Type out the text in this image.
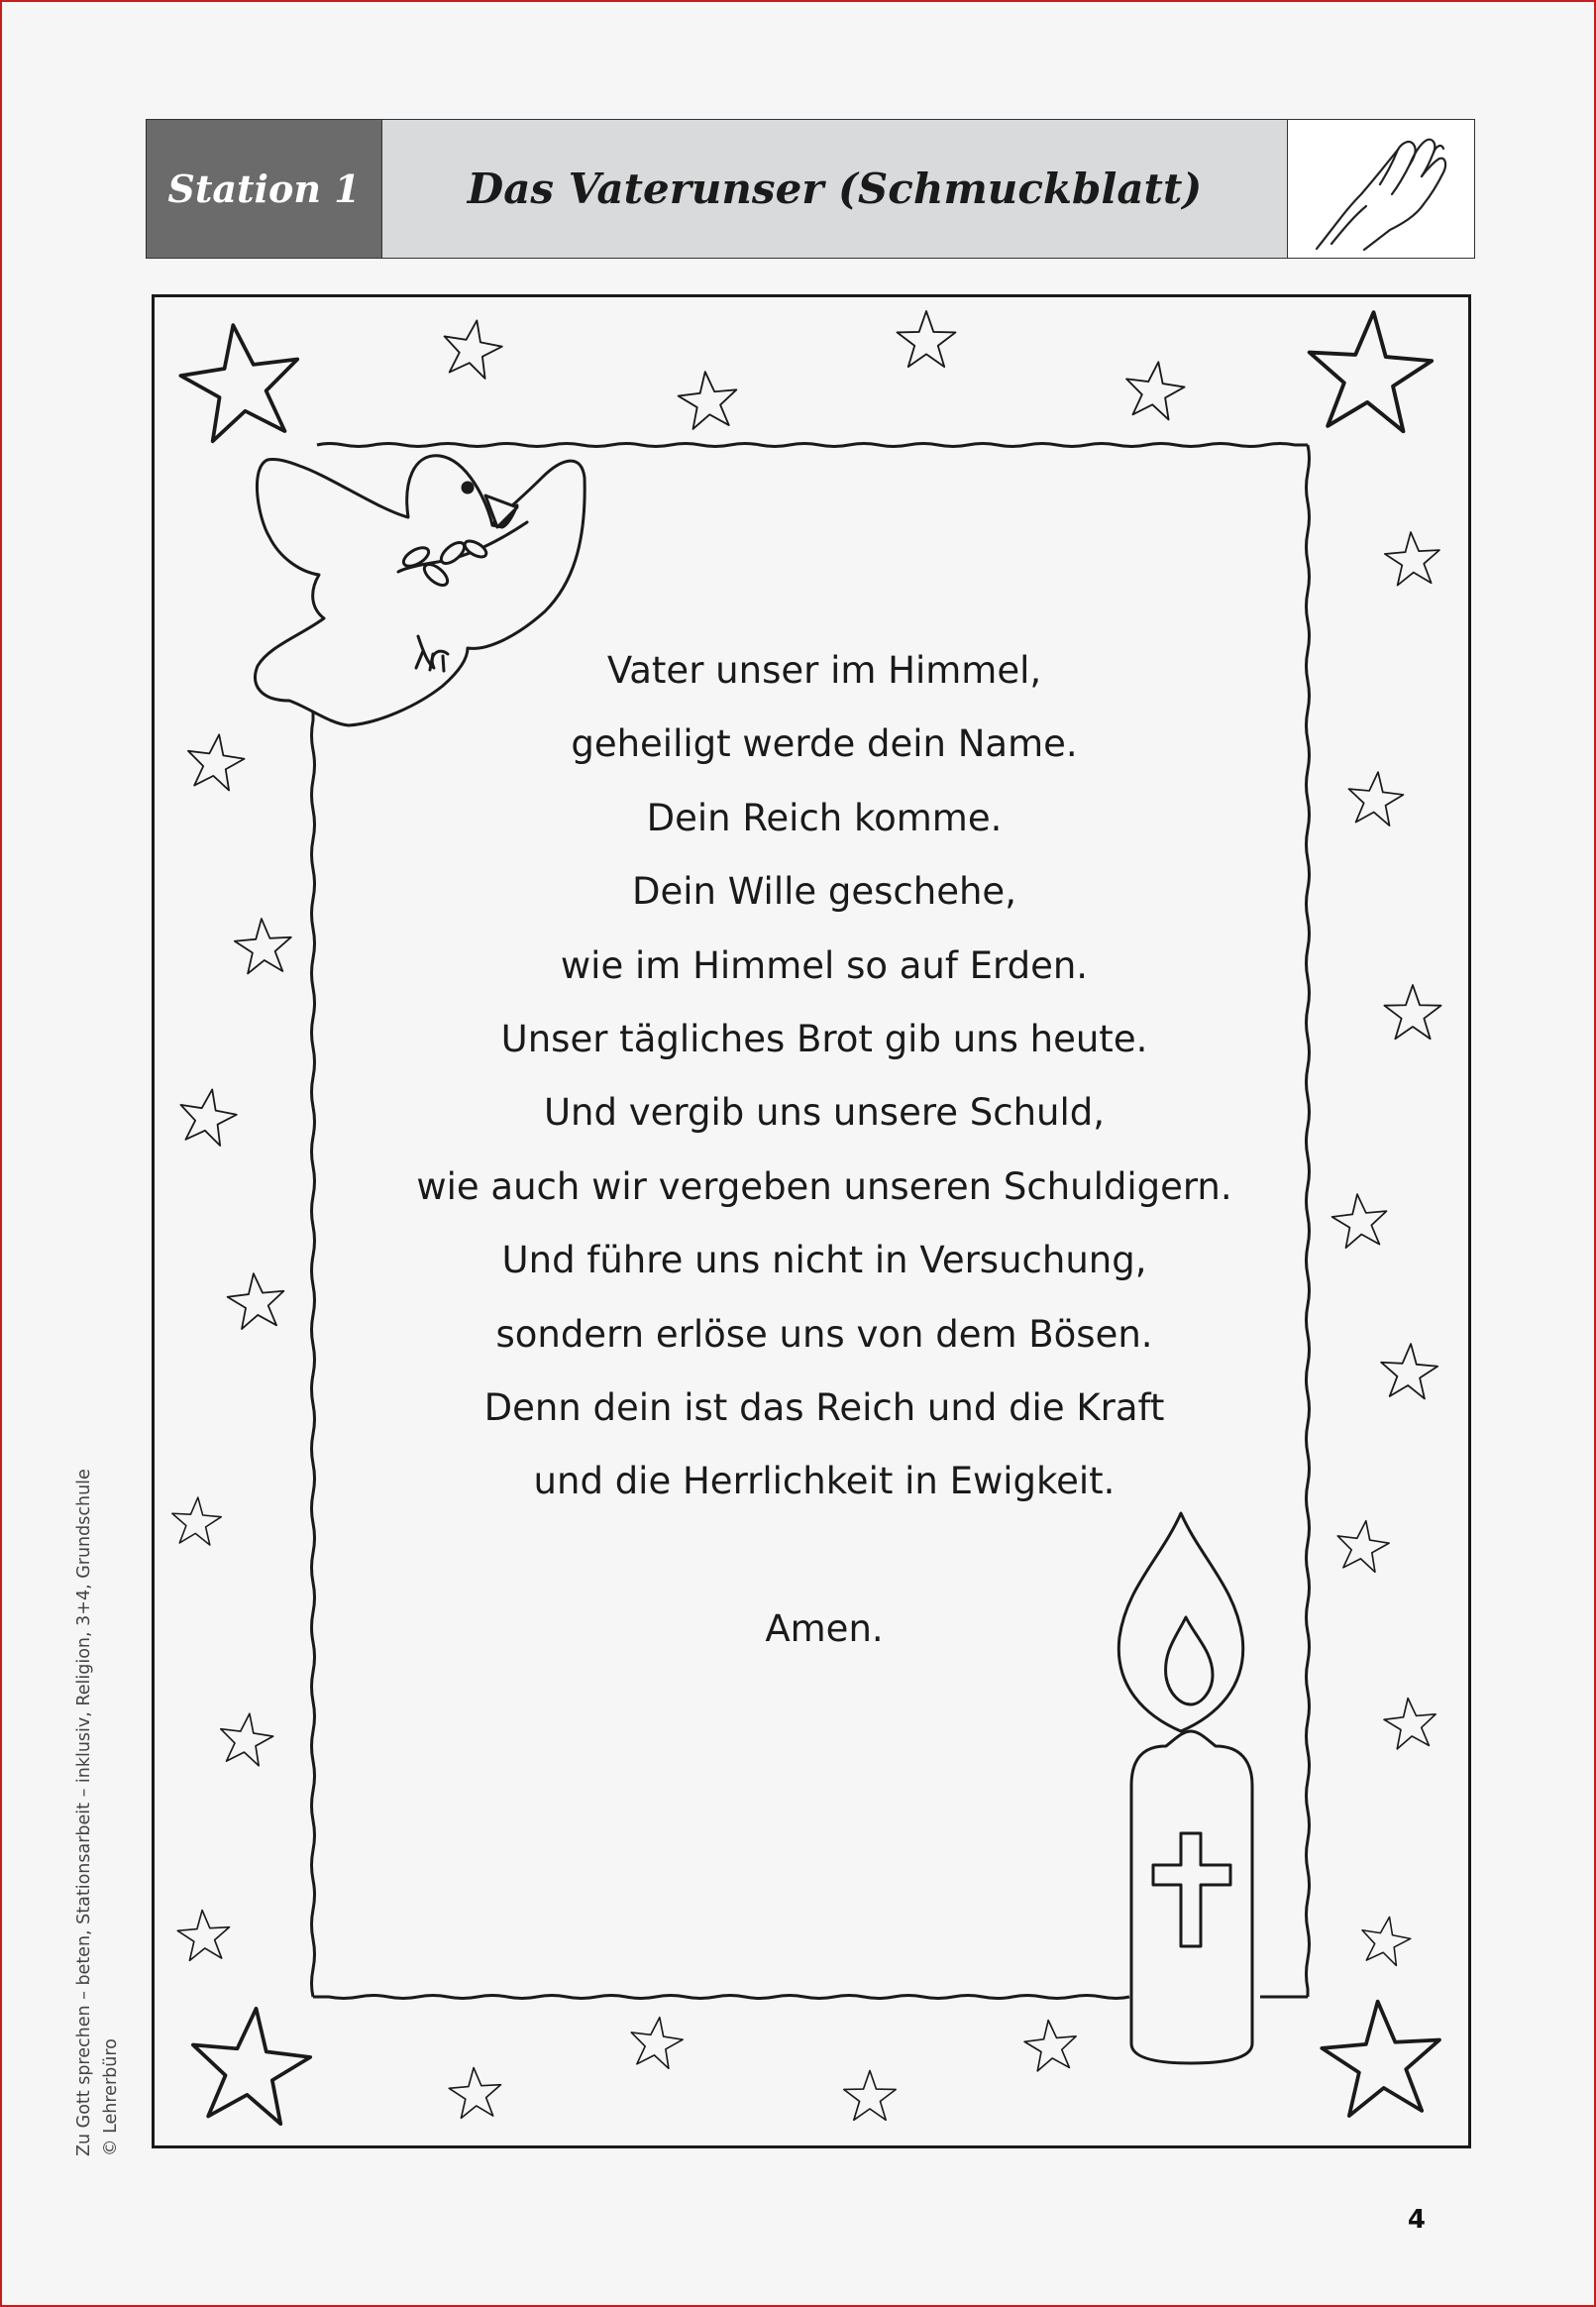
Station 1	Das Vaterunser (Schmuckblatt)
Vater unser im Himmel,
geheiligt werde dein Name.
Dein Reich komme.
Dein Wille geschehe,
wie im Himmel so auf Erden.
Unser tägliches Brot gib uns heute.
Und vergib uns unsere Schuld,
wie auch wir vergeben unseren Schuldigern.
Und führe uns nicht in Versuchung,
sondern erlöse uns von dem Bösen.
Denn dein ist das Reich und die Kraft
und die Herrlichkeit in Ewigkeit.
Amen.
Zu Gott sprechen – beten, Stationsarbeit – inklusiv, Religion, 3+4, Grundschule © Lehrerbüro
4
